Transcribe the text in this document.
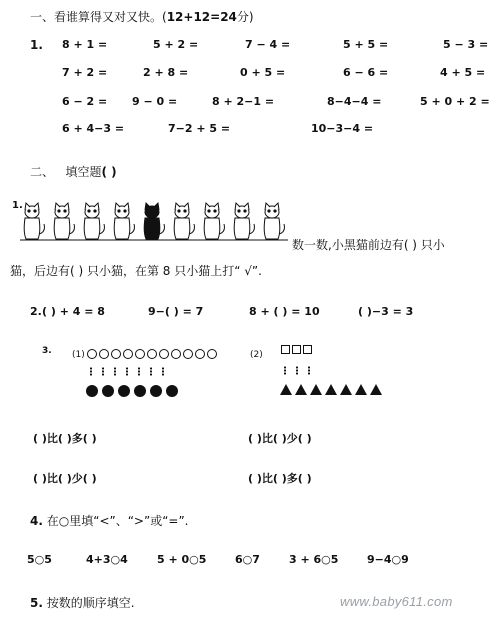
一、看谁算得又对又快。(12+12=24分)
1. 8 + 1 =	5 + 2 =	7 − 4 =	5 + 5 =	5 − 3 =
7 + 2 =	2 + 8 =	0 + 5 =	6 − 6 =	4 + 5 =
6 − 2 = 9 − 0 =	8 + 2−1 =	8−4−4 =	5 + 0 + 2 =
6 + 4−3 =	7−2 + 5 =	10−3−4 =
二、 填空题( )
1.
数一数,小黑猫前边有( ) 只小
猫，后边有( ) 只小猫，在第 8 只小猫上打“ √”.
2. ( ) + 4 = 8	9−( ) = 7	8 + ( ) = 10	( )−3 = 3
3. (1)	(2)
( )比( )多( )	( )比( )少( )
( )比( )少( )	( )比( )多( )
4. 在○里填“<”、“>”或“=”.
5○5	4+3○4	5 + 0○5	6○7	3 + 6○5	9−4○9
5. 按数的顺序填空.	www.baby611.com
